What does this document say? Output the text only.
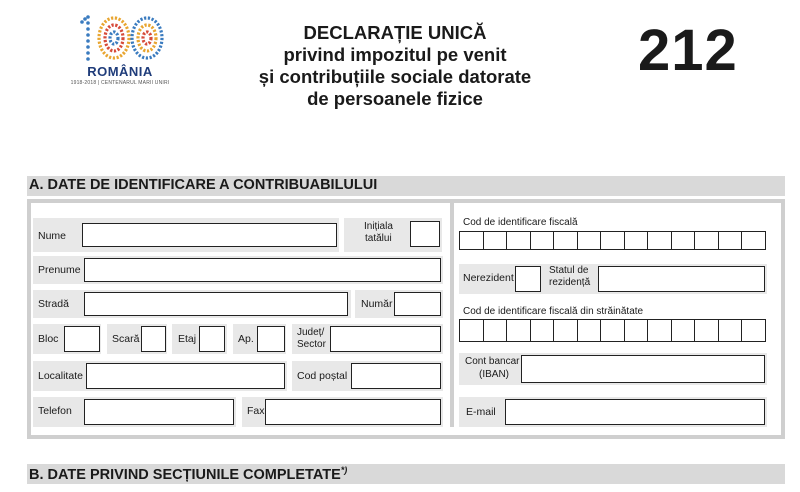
ROMÂNIA
1918-2018 | CENTENARUL MARII UNIRI
DECLARAȚIE UNICĂ
privind impozitul pe venit
și contribuțiile sociale datorate
de persoanele fizice
212
A. DATE DE IDENTIFICARE A CONTRIBUABILULUI
Nume
Inițiala
tatălui
Prenume
Stradă	Număr
Bloc	Scară	Etaj	Ap.
Județ/
Sector
Localitate	Cod poștal
Telefon	Fax
Cod de identificare fiscală
Nerezident
Statul de
rezidență
Cod de identificare fiscală din străinătate
Cont bancar
(IBAN)
E-mail
B. DATE PRIVIND SECȚIUNILE COMPLETATE*)
